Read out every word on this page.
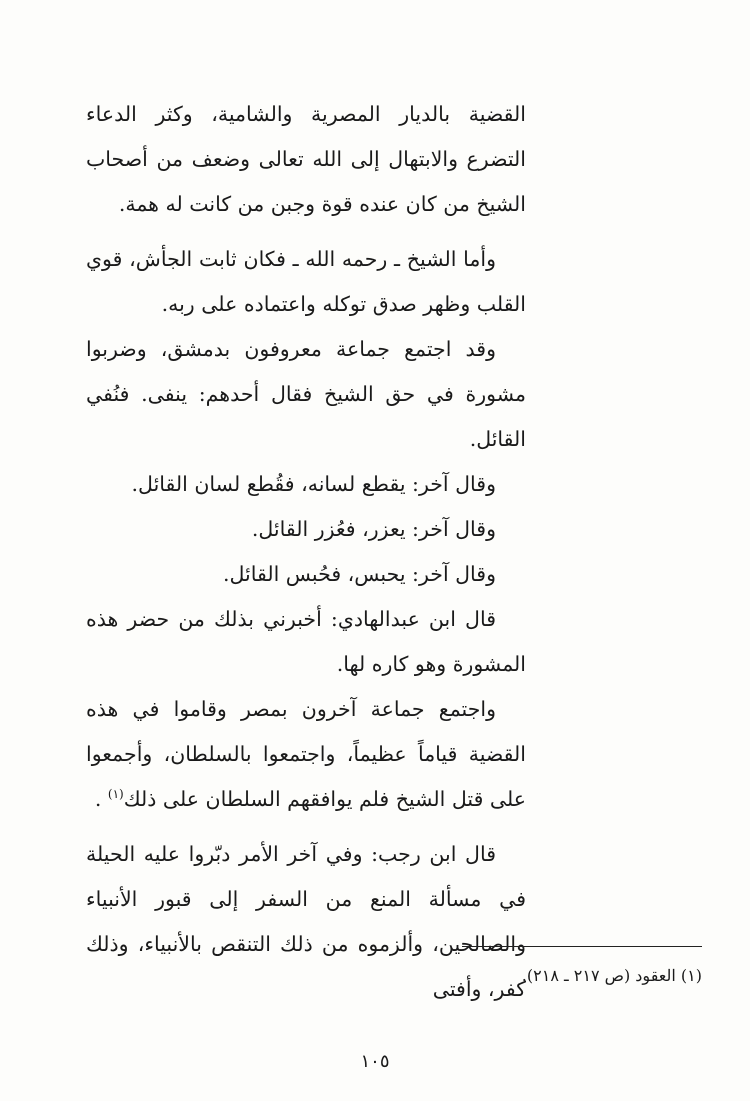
القضية بالديار المصرية والشامية، وكثر الدعاء التضرع والابتهال إلى الله تعالى وضعف من أصحاب الشيخ من كان عنده قوة وجبن من كانت له همة.

وأما الشيخ ـ رحمه الله ـ فكان ثابت الجأش، قوي القلب وظهر صدق توكله واعتماده على ربه.

وقد اجتمع جماعة معروفون بدمشق، وضربوا مشورة في حق الشيخ فقال أحدهم: ينفى. فنُفي القائل.

وقال آخر: يقطع لسانه، فقُطع لسان القائل.

وقال آخر: يعزر، فعُزر القائل.

وقال آخر: يحبس، فحُبس القائل.

قال ابن عبدالهادي: أخبرني بذلك من حضر هذه المشورة وهو كاره لها.

واجتمع جماعة آخرون بمصر وقاموا في هذه القضية قياماً عظيماً، واجتمعوا بالسلطان، وأجمعوا على قتل الشيخ فلم يوافقهم السلطان على ذلك$^{(١)}$ .

قال ابن رجب: وفي آخر الأمر دبّروا عليه الحيلة في مسألة المنع من السفر إلى قبور الأنبياء والصالحين، وألزموه من ذلك التنقص بالأنبياء، وذلك كفر، وأفتى

(١) العقود (ص ٢١٧ ـ ٢١٨).
١٠٥
